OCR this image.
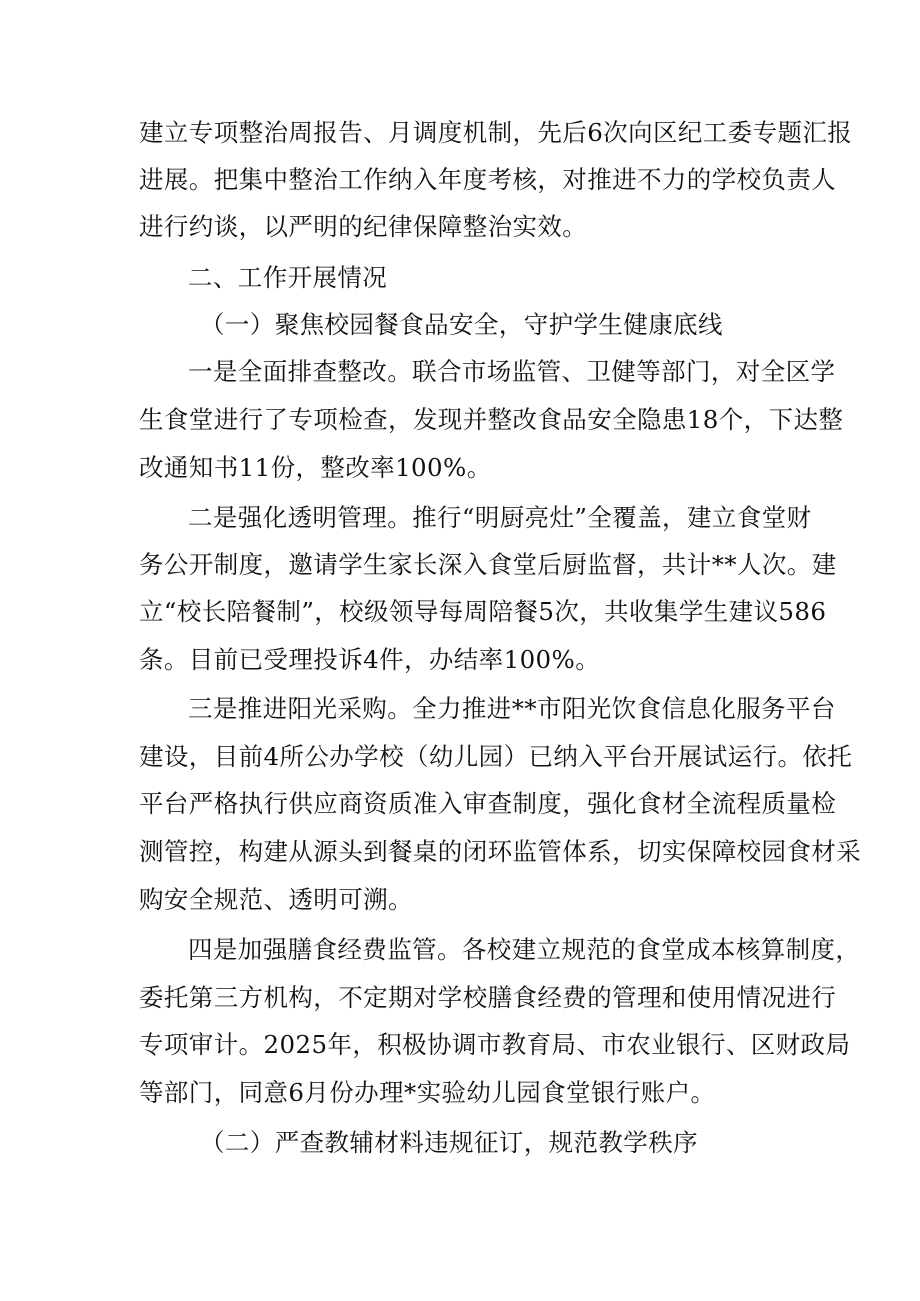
建立专项整治周报告、月调度机制，先后6次向区纪工委专题汇报
进展。把集中整治工作纳入年度考核，对推进不力的学校负责人
进行约谈，以严明的纪律保障整治实效。
二、工作开展情况
（一）聚焦校园餐食品安全，守护学生健康底线
一是全面排查整改。联合市场监管、卫健等部门，对全区学
生食堂进行了专项检查，发现并整改食品安全隐患18个，下达整
改通知书11份，整改率100%。
二是强化透明管理。推行“明厨亮灶”全覆盖，建立食堂财
务公开制度，邀请学生家长深入食堂后厨监督，共计**人次。建
立“校长陪餐制”，校级领导每周陪餐5次，共收集学生建议586
条。目前已受理投诉4件，办结率100%。
三是推进阳光采购。全力推进**市阳光饮食信息化服务平台
建设，目前4所公办学校（幼儿园）已纳入平台开展试运行。依托
平台严格执行供应商资质准入审查制度，强化食材全流程质量检
测管控，构建从源头到餐桌的闭环监管体系，切实保障校园食材采
购安全规范、透明可溯。
四是加强膳食经费监管。各校建立规范的食堂成本核算制度，
委托第三方机构，不定期对学校膳食经费的管理和使用情况进行
专项审计。2025年，积极协调市教育局、市农业银行、区财政局
等部门，同意6月份办理*实验幼儿园食堂银行账户。
（二）严查教辅材料违规征订，规范教学秩序
